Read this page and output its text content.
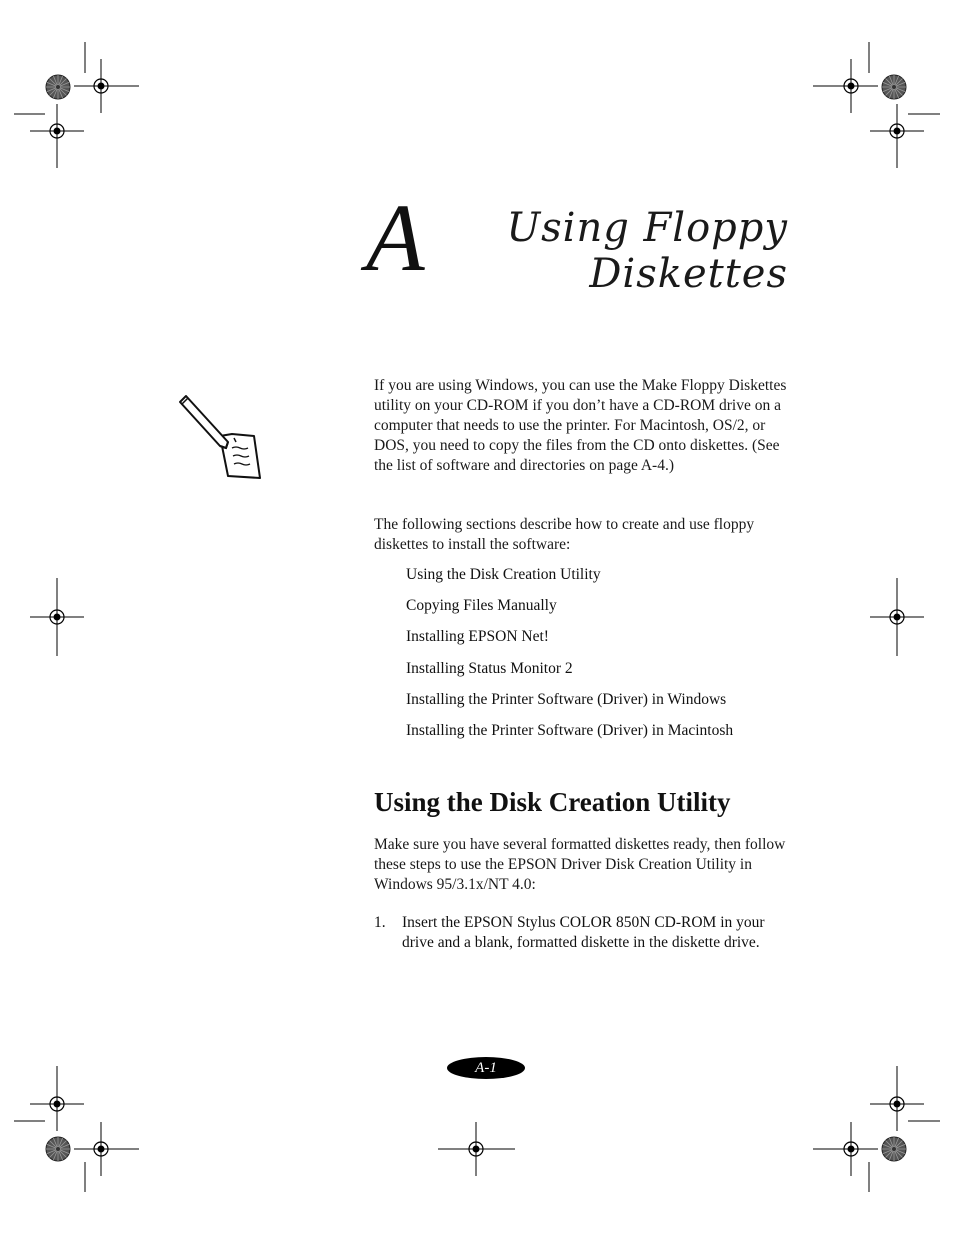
A	Using Floppy
Diskettes
If you are using Windows, you can use the Make Floppy Diskettes utility on your CD-ROM if you don’t have a CD-ROM drive on a computer that needs to use the printer. For Macintosh, OS/2, or DOS, you need to copy the files from the CD onto diskettes. (See the list of software and directories on page A-4.)
The following sections describe how to create and use floppy diskettes to install the software:
Using the Disk Creation Utility
Copying Files Manually
Installing EPSON Net!
Installing Status Monitor 2
Installing the Printer Software (Driver) in Windows
Installing the Printer Software (Driver) in Macintosh
Using the Disk Creation Utility
Make sure you have several formatted diskettes ready, then follow these steps to use the EPSON Driver Disk Creation Utility in Windows 95/3.1x/NT 4.0:
1. Insert the EPSON Stylus COLOR 850N CD-ROM in your drive and a blank, formatted diskette in the diskette drive.
A-1
